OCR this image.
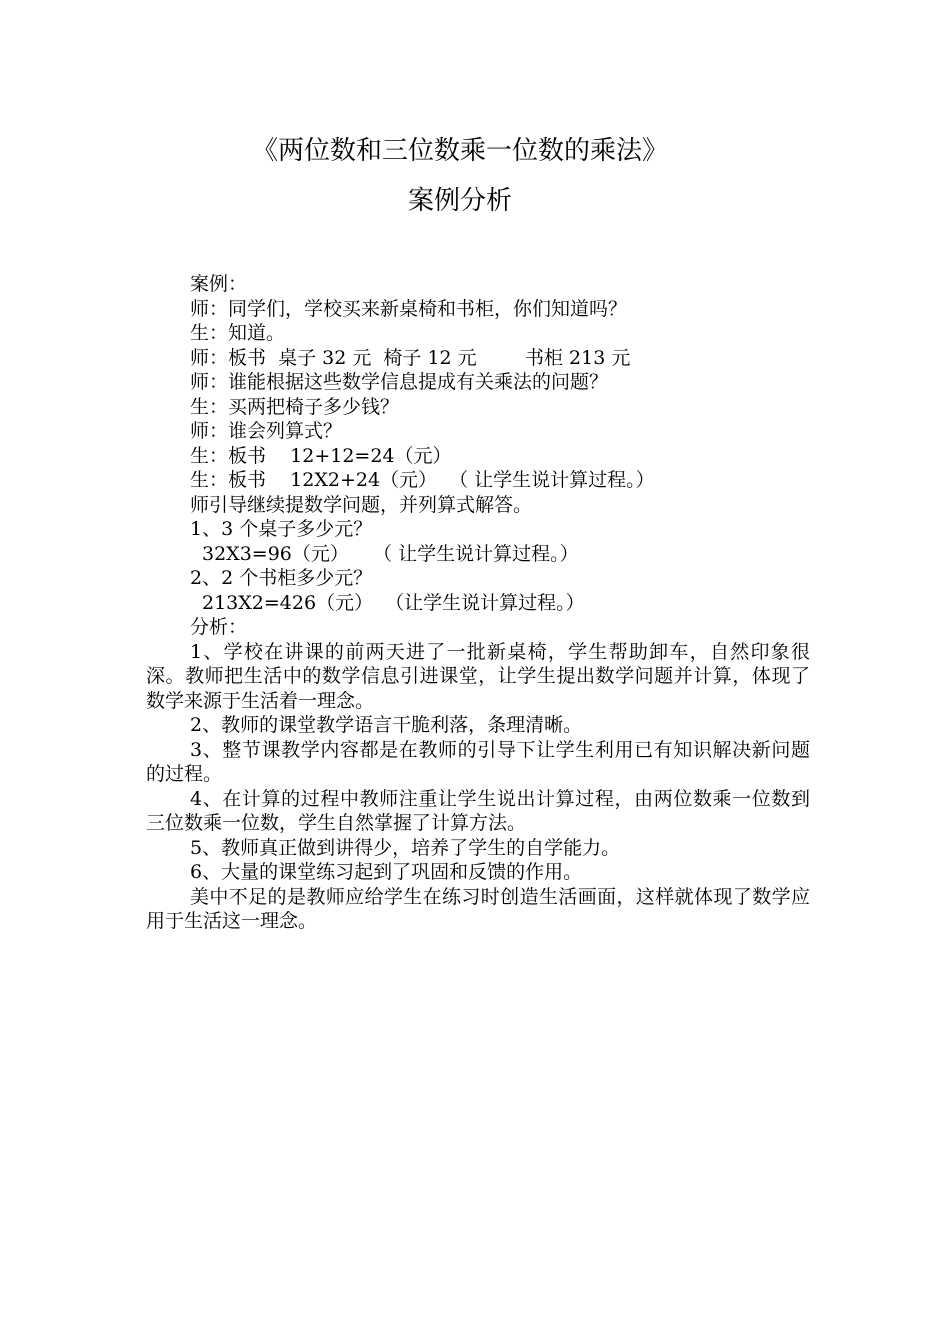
《两位数和三位数乘一位数的乘法》
案例分析
案例：
师：同学们，学校买来新桌椅和书柜，你们知道吗？
生：知道。
师：板书  桌子 32 元  椅子 12 元        书柜 213 元
师：谁能根据这些数学信息提成有关乘法的问题？
生：买两把椅子多少钱？
师：谁会列算式？
生：板书    12+12=24（元）
生：板书    12Ⅹ2+24（元）  （ 让学生说计算过程。）
师引导继续提数学问题，并列算式解答。
1、3 个桌子多少元？
32Ⅹ3=96（元）    （ 让学生说计算过程。）
2、2 个书柜多少元？
213Ⅹ2=426（元）  （让学生说计算过程。）
分析：
1、学校在讲课的前两天进了一批新桌椅，学生帮助卸车，自然印象很深。教师把生活中的数学信息引进课堂，让学生提出数学问题并计算，体现了数学来源于生活着一理念。
2、教师的课堂教学语言干脆利落，条理清晰。
3、整节课教学内容都是在教师的引导下让学生利用已有知识解决新问题的过程。
4、在计算的过程中教师注重让学生说出计算过程，由两位数乘一位数到三位数乘一位数，学生自然掌握了计算方法。
5、教师真正做到讲得少，培养了学生的自学能力。
6、大量的课堂练习起到了巩固和反馈的作用。
美中不足的是教师应给学生在练习时创造生活画面，这样就体现了数学应用于生活这一理念。
